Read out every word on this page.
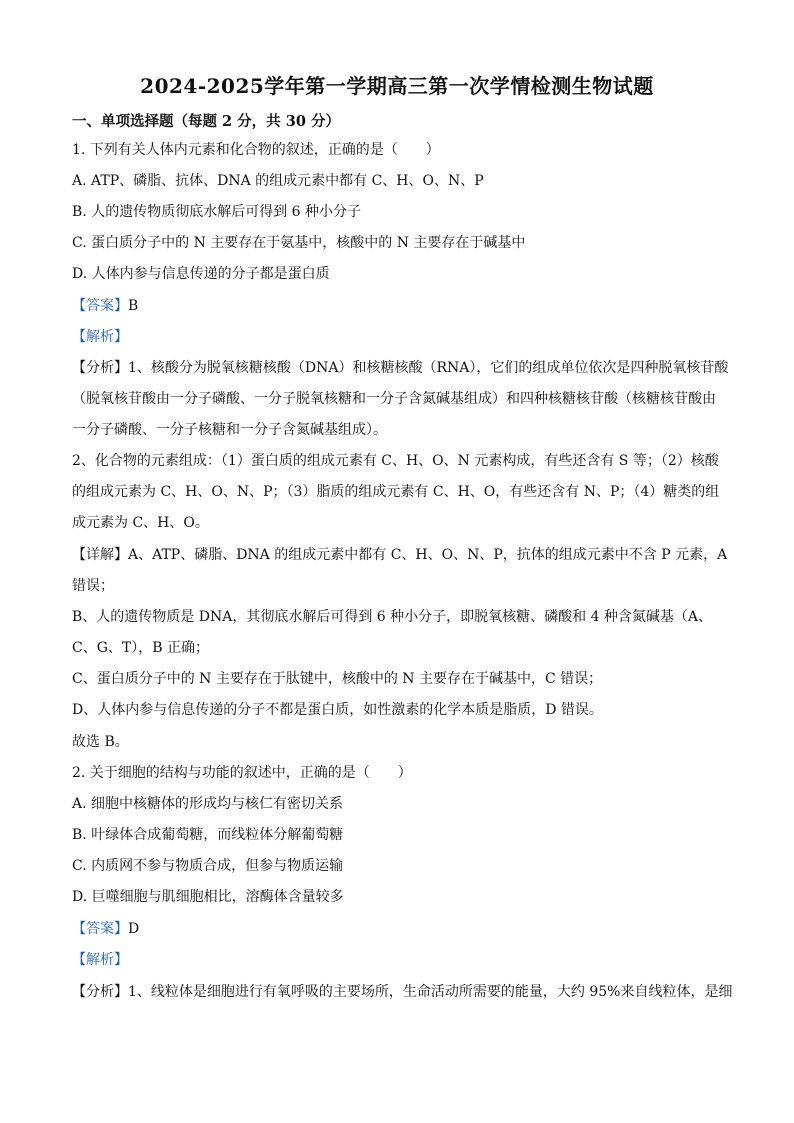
2024-2025学年第一学期高三第一次学情检测生物试题
一、单项选择题（每题 2 分，共 30 分）
1. 下列有关人体内元素和化合物的叙述，正确的是（　　）
A. ATP、磷脂、抗体、DNA 的组成元素中都有 C、H、O、N、P
B. 人的遗传物质彻底水解后可得到 6 种小分子
C. 蛋白质分子中的 N 主要存在于氨基中，核酸中的 N 主要存在于碱基中
D. 人体内参与信息传递的分子都是蛋白质
【答案】B
【解析】
【分析】1、核酸分为脱氧核糖核酸（DNA）和核糖核酸（RNA），它们的组成单位依次是四种脱氧核苷酸
（脱氧核苷酸由一分子磷酸、一分子脱氧核糖和一分子含氮碱基组成）和四种核糖核苷酸（核糖核苷酸由
一分子磷酸、一分子核糖和一分子含氮碱基组成）。
2、化合物的元素组成：（1）蛋白质的组成元素有 C、H、O、N 元素构成，有些还含有 S 等；（2）核酸
的组成元素为 C、H、O、N、P；（3）脂质的组成元素有 C、H、O，有些还含有 N、P；（4）糖类的组
成元素为 C、H、O。
【详解】A、ATP、磷脂、DNA 的组成元素中都有 C、H、O、N、P，抗体的组成元素中不含 P 元素，A
错误；
B、人的遗传物质是 DNA，其彻底水解后可得到 6 种小分子，即脱氧核糖、磷酸和 4 种含氮碱基（A、
C、G、T），B 正确；
C、蛋白质分子中的 N 主要存在于肽键中，核酸中的 N 主要存在于碱基中，C 错误；
D、人体内参与信息传递的分子不都是蛋白质，如性激素的化学本质是脂质，D 错误。
故选 B。
2. 关于细胞的结构与功能的叙述中，正确的是（　　）
A. 细胞中核糖体的形成均与核仁有密切关系
B. 叶绿体合成葡萄糖，而线粒体分解葡萄糖
C. 内质网不参与物质合成，但参与物质运输
D. 巨噬细胞与肌细胞相比，溶酶体含量较多
【答案】D
【解析】
【分析】1、线粒体是细胞进行有氧呼吸的主要场所，生命活动所需要的能量，大约 95%来自线粒体，是细
